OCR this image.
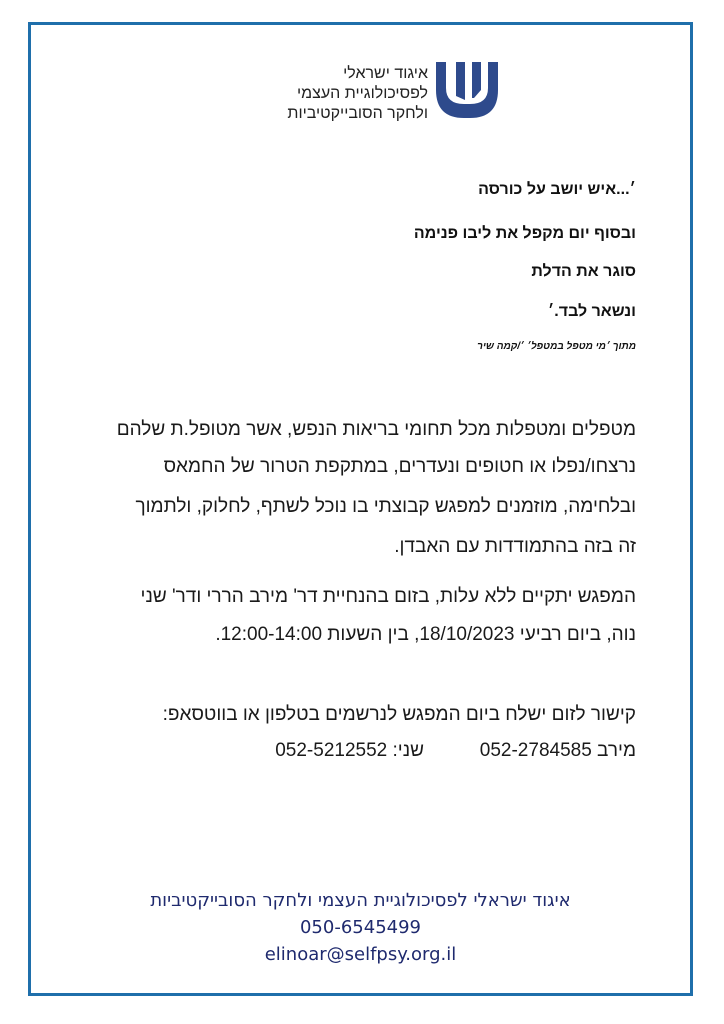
איגוד ישראלי
לפסיכולוגיית העצמי
ולחקר הסובייקטיביות
׳...איש יושב על כורסה
ובסוף יום מקפל את ליבו פנימה
סוגר את הדלת
ונשאר לבד.׳
מתוך ׳מי מטפל במטפל׳ ׳/קמה שיר
מטפלים ומטפלות מכל תחומי בריאות הנפש, אשר מטופל.ת שלהם
נרצחו/נפלו או חטופים ונעדרים, במתקפת הטרור של החמאס
ובלחימה, מוזמנים למפגש קבוצתי בו נוכל לשתף, לחלוק, ולתמוך
זה בזה בהתמודדות עם האבדן.
המפגש יתקיים ללא עלות, בזום בהנחיית דר' מירב הררי ודר' שני
נוה, ביום רביעי 18/10/2023, בין השעות 12:00-14:00.
קישור לזום ישלח ביום המפגש לנרשמים בטלפון או בווטסאפ:
מירב 052-2784585
שני: 052-5212552
איגוד ישראלי לפסיכולוגיית העצמי ולחקר הסובייקטיביות
050-6545499
elinoar@selfpsy.org.il
